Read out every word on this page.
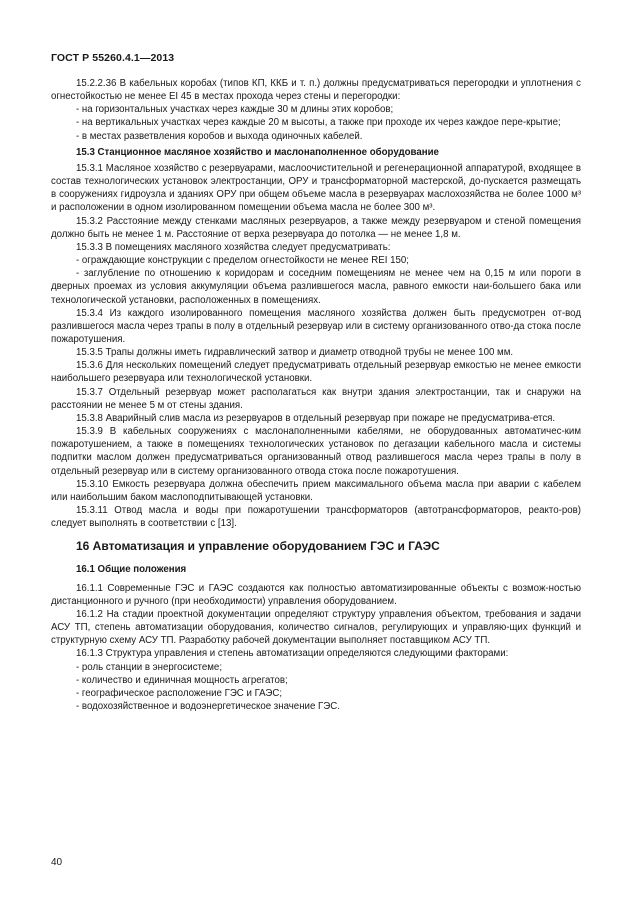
ГОСТ Р 55260.4.1—2013

15.2.2.36 В кабельных коробах (типов КП, ККБ и т. п.) должны предусматриваться перегородки и уплотнения с огнестойкостью не менее EI 45 в местах прохода через стены и перегородки:

- на горизонтальных участках через каждые 30 м длины этих коробов;

- на вертикальных участках через каждые 20 м высоты, а также при проходе их через каждое пере-крытие;

- в местах разветвления коробов и выхода одиночных кабелей.

15.3 Станционное масляное хозяйство и маслонаполненное оборудование

15.3.1 Масляное хозяйство с резервуарами, маслоочистительной и регенерационной аппаратурой, входящее в состав технологических установок электростанции, ОРУ и трансформаторной мастерской, до-пускается размещать в сооружениях гидроузла и зданиях ОРУ при общем объеме масла в резервуарах маслохозяйства не более 1000 м³ и расположении в одном изолированном помещении объема масла не более 300 м³.

15.3.2 Расстояние между стенками масляных резервуаров, а также между резервуаром и стеной помещения должно быть не менее 1 м. Расстояние от верха резервуара до потолка — не менее 1,8 м.

15.3.3 В помещениях масляного хозяйства следует предусматривать:

- ограждающие конструкции с пределом огнестойкости не менее REI 150;

- заглубление по отношению к коридорам и соседним помещениям не менее чем на 0,15 м или пороги в дверных проемах из условия аккумуляции объема разлившегося масла, равного емкости наи-большего бака или технологической установки, расположенных в помещениях.

15.3.4 Из каждого изолированного помещения масляного хозяйства должен быть предусмотрен от-вод разлившегося масла через трапы в полу в отдельный резервуар или в систему организованного отво-да стока после пожаротушения.

15.3.5 Трапы должны иметь гидравлический затвор и диаметр отводной трубы не менее 100 мм.

15.3.6 Для нескольких помещений следует предусматривать отдельный резервуар емкостью не менее емкости наибольшего резервуара или технологической установки.

15.3.7 Отдельный резервуар может располагаться как внутри здания электростанции, так и снаружи на расстоянии не менее 5 м от стены здания.

15.3.8 Аварийный слив масла из резервуаров в отдельный резервуар при пожаре не предусматрива-ется.

15.3.9 В кабельных сооружениях с маслонаполненными кабелями, не оборудованных автоматичес-ким пожаротушением, а также в помещениях технологических установок по дегазации кабельного масла и системы подпитки маслом должен предусматриваться организованный отвод разлившегося масла через трапы в полу в отдельный резервуар или в систему организованного отвода стока после пожаротушения.

15.3.10 Емкость резервуара должна обеспечить прием максимального объема масла при аварии с кабелем или наибольшим баком маслоподпитывающей установки.

15.3.11 Отвод масла и воды при пожаротушении трансформаторов (автотрансформаторов, реакто-ров) следует выполнять в соответствии с [13].

16 Автоматизация и управление оборудованием ГЭС и ГАЭС

16.1 Общие положения

16.1.1 Современные ГЭС и ГАЭС создаются как полностью автоматизированные объекты с возмож-ностью дистанционного и ручного (при необходимости) управления оборудованием.

16.1.2 На стадии проектной документации определяют структуру управления объектом, требования и задачи АСУ ТП, степень автоматизации оборудования, количество сигналов, регулирующих и управляю-щих функций и структурную схему АСУ ТП. Разработку рабочей документации выполняет поставщиком АСУ ТП.

16.1.3 Структура управления и степень автоматизации определяются следующими факторами:

- роль станции в энергосистеме;

- количество и единичная мощность агрегатов;

- географическое расположение ГЭС и ГАЭС;

- водохозяйственное и водоэнергетическое значение ГЭС.

40
